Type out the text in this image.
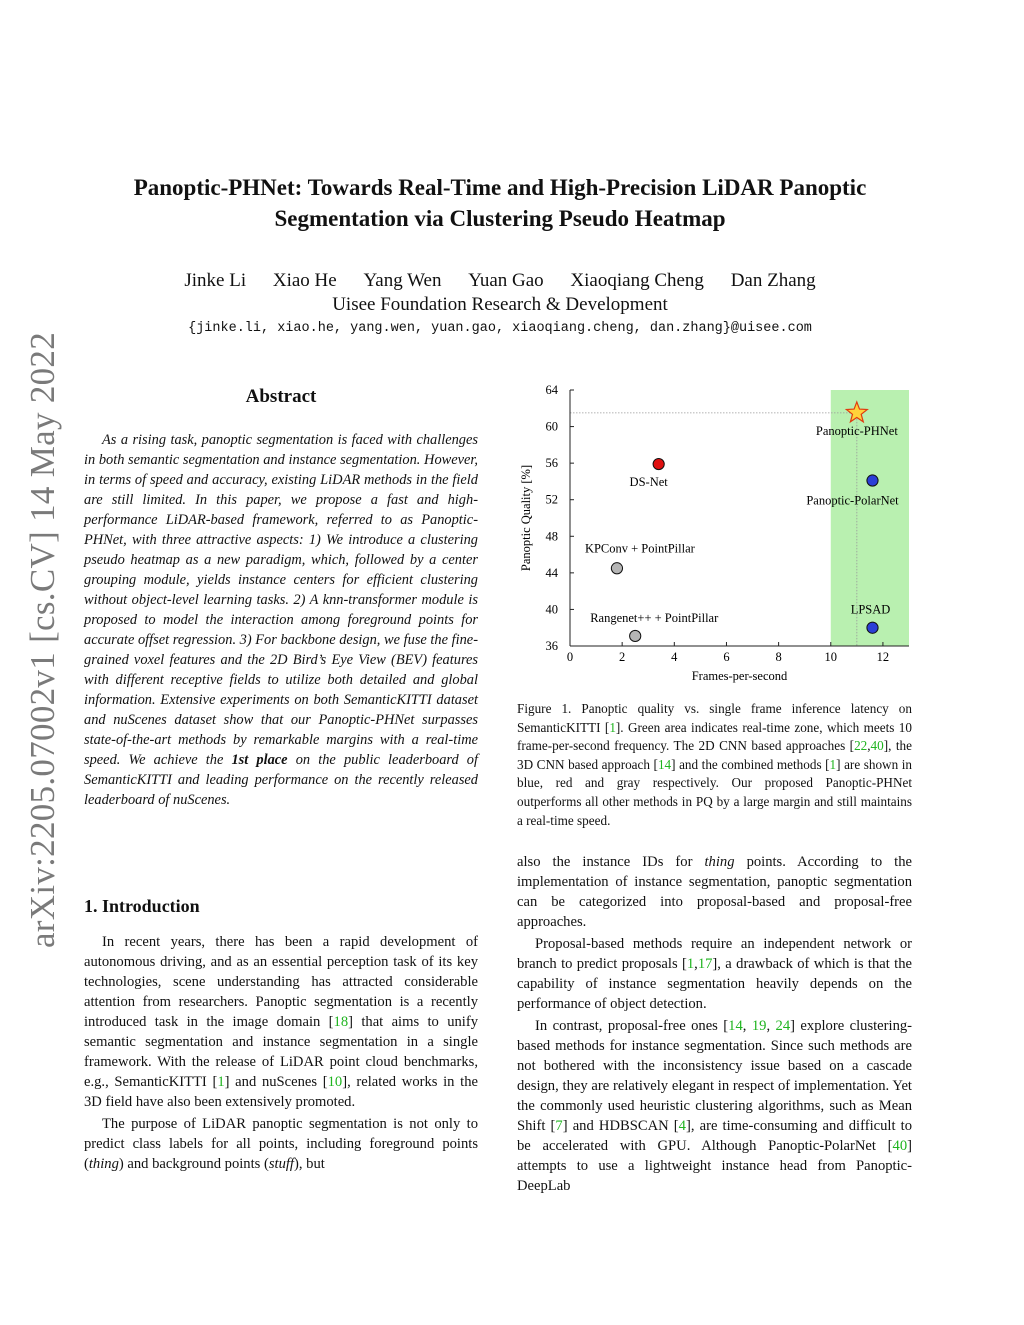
arXiv:2205.07002v1 [cs.CV] 14 May 2022
Panoptic-PHNet: Towards Real-Time and High-Precision LiDAR Panoptic
Segmentation via Clustering Pseudo Heatmap
Jinke Li Xiao He Yang Wen Yuan Gao Xiaoqiang Cheng Dan Zhang
Uisee Foundation Research & Development
{jinke.li, xiao.he, yang.wen, yuan.gao, xiaoqiang.cheng, dan.zhang}@uisee.com
Abstract

As a rising task, panoptic segmentation is faced with challenges in both semantic segmentation and instance segmentation. However, in terms of speed and accuracy, existing LiDAR methods in the field are still limited. In this paper, we propose a fast and high-performance LiDAR-based framework, referred to as Panoptic-PHNet, with three attractive aspects: 1) We introduce a clustering pseudo heatmap as a new paradigm, which, followed by a center grouping module, yields instance centers for efficient clustering without object-level learning tasks. 2) A knn-transformer module is proposed to model the interaction among foreground points for accurate offset regression. 3) For backbone design, we fuse the fine-grained voxel features and the 2D Bird’s Eye View (BEV) features with different receptive fields to utilize both detailed and global information. Extensive experiments on both SemanticKITTI dataset and nuScenes dataset show that our Panoptic-PHNet surpasses state-of-the-art methods by remarkable margins with a real-time speed. We achieve the 1st place on the public leaderboard of SemanticKITTI and leading performance on the recently released leaderboard of nuScenes.

1. Introduction

In recent years, there has been a rapid development of autonomous driving, and as an essential perception task of its key technologies, scene understanding has attracted considerable attention from researchers. Panoptic segmentation is a recently introduced task in the image domain [18] that aims to unify semantic segmentation and instance segmentation in a single framework. With the release of LiDAR point cloud benchmarks, e.g., SemanticKITTI [1] and nuScenes [10], related works in the 3D field have also been extensively promoted.

The purpose of LiDAR panoptic segmentation is not only to predict class labels for all points, including foreground points (thing) and background points (stuff), but

0	2	4	6	8	10	12
36
40
44
48
52
56
60
64
Panoptic-PHNet
DS-Net
Panoptic-PolarNet
KPConv + PointPillar
Rangenet++ + PointPillar
LPSAD
Frames-per-second
Panoptic Quality [%]

Figure 1. Panoptic quality vs. single frame inference latency on SemanticKITTI [1]. Green area indicates real-time zone, which meets 10 frame-per-second frequency. The 2D CNN based approaches [22,40], the 3D CNN based approach [14] and the combined methods [1] are shown in blue, red and gray respectively. Our proposed Panoptic-PHNet outperforms all other methods in PQ by a large margin and still maintains a real-time speed.

also the instance IDs for thing points. According to the implementation of instance segmentation, panoptic segmentation can be categorized into proposal-based and proposal-free approaches.

Proposal-based methods require an independent network or branch to predict proposals [1,17], a drawback of which is that the capability of instance segmentation heavily depends on the performance of object detection.

In contrast, proposal-free ones [14, 19, 24] explore clustering-based methods for instance segmentation. Since such methods are not bothered with the inconsistency issue based on a cascade design, they are relatively elegant in respect of implementation. Yet the commonly used heuristic clustering algorithms, such as Mean Shift [7] and HDBSCAN [4], are time-consuming and difficult to be accelerated with GPU. Although Panoptic-PolarNet [40] attempts to use a lightweight instance head from Panoptic-DeepLab
